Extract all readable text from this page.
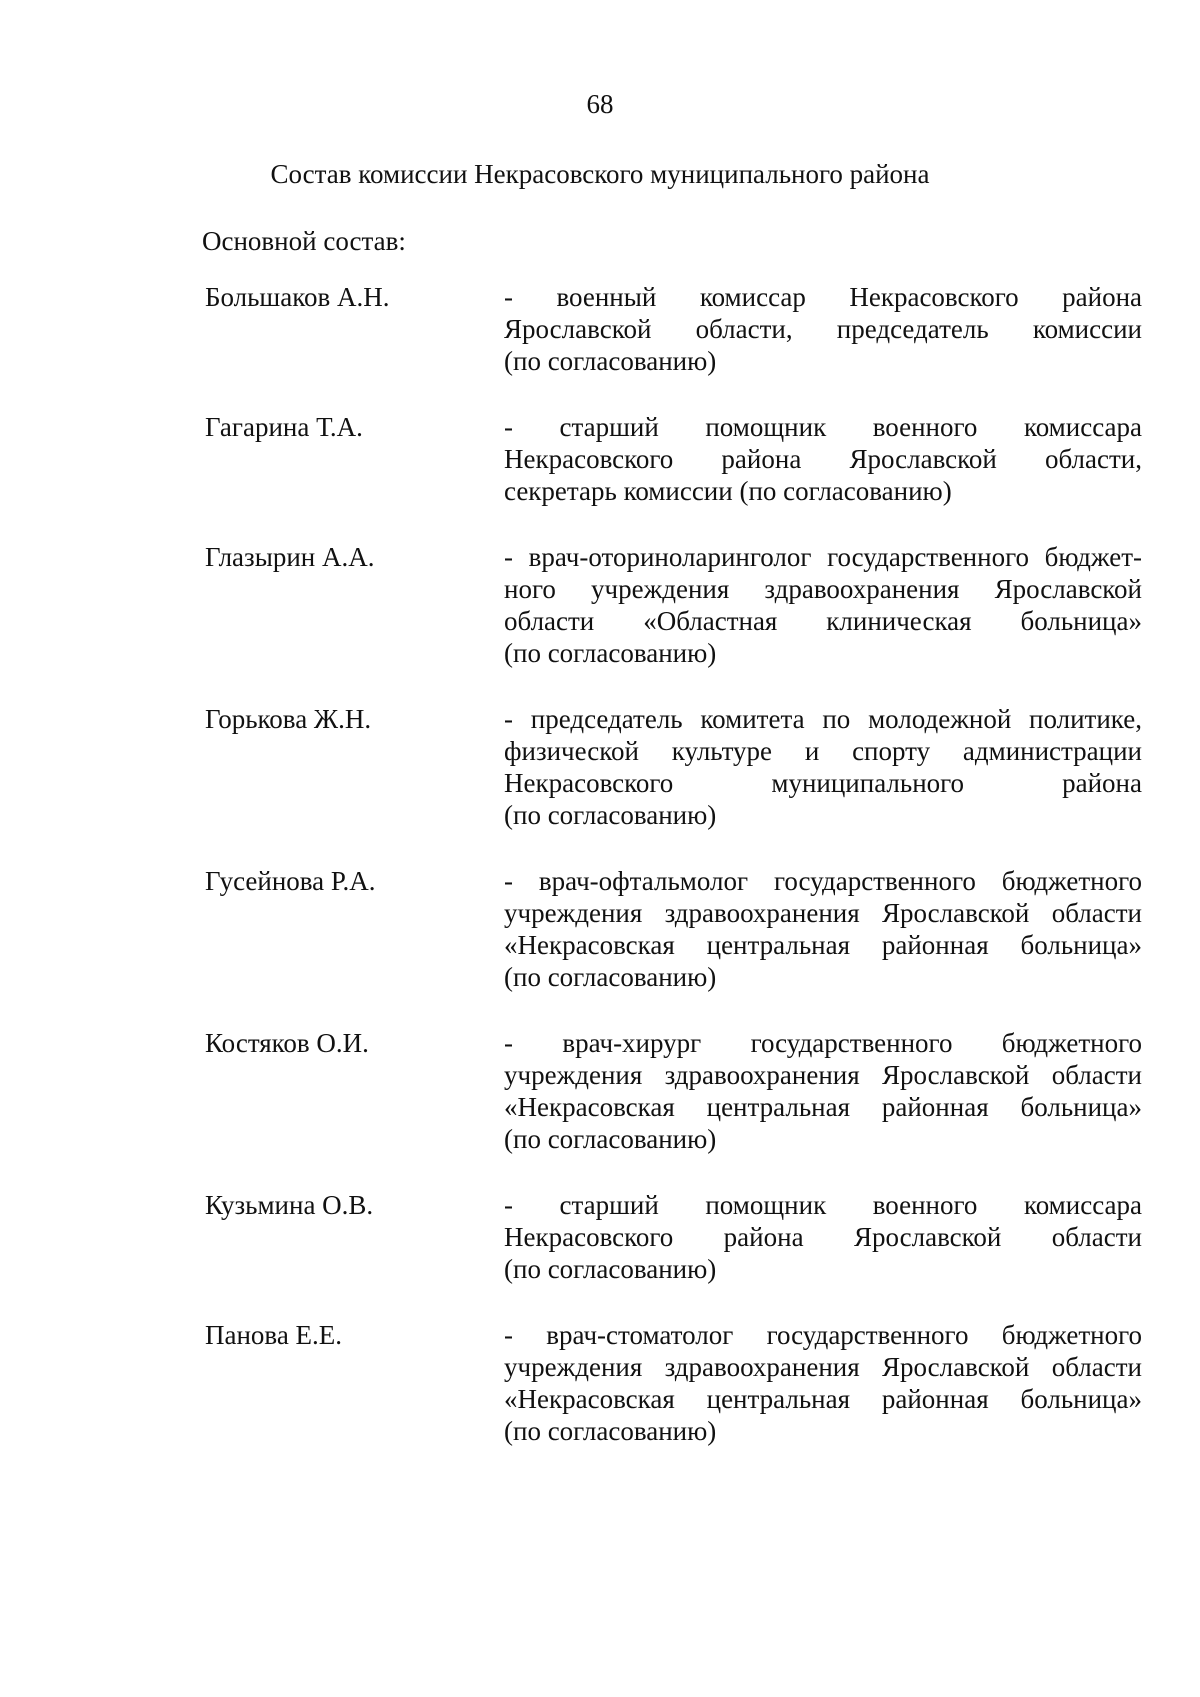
68
Состав комиссии Некрасовского муниципального района
Основной состав:
Большаков А.Н.	- военный комиссар Некрасовского района Ярославской области, председатель комиссии
(по согласованию)
Гагарина Т.А.	- старший помощник военного комиссара Некрасовского района Ярославской области,
секретарь комиссии (по согласованию)
Глазырин А.А.	- врач-оториноларинголог государственного бюджет-ного учреждения здравоохранения Ярославской области «Областная клиническая больница»
(по согласованию)
Горькова Ж.Н.	- председатель комитета по молодежной политике, физической культуре и спорту администрации Некрасовского муниципального района
(по согласованию)
Гусейнова Р.А.	- врач-офтальмолог государственного бюджетного учреждения здравоохранения Ярославской области «Некрасовская центральная районная больница»
(по согласованию)
Костяков О.И.	- врач-хирург государственного бюджетного учреждения здравоохранения Ярославской области «Некрасовская центральная районная больница»
(по согласованию)
Кузьмина О.В.	- старший помощник военного комиссара Некрасовского района Ярославской области
(по согласованию)
Панова Е.Е.	- врач-стоматолог государственного бюджетного учреждения здравоохранения Ярославской области «Некрасовская центральная районная больница»
(по согласованию)
